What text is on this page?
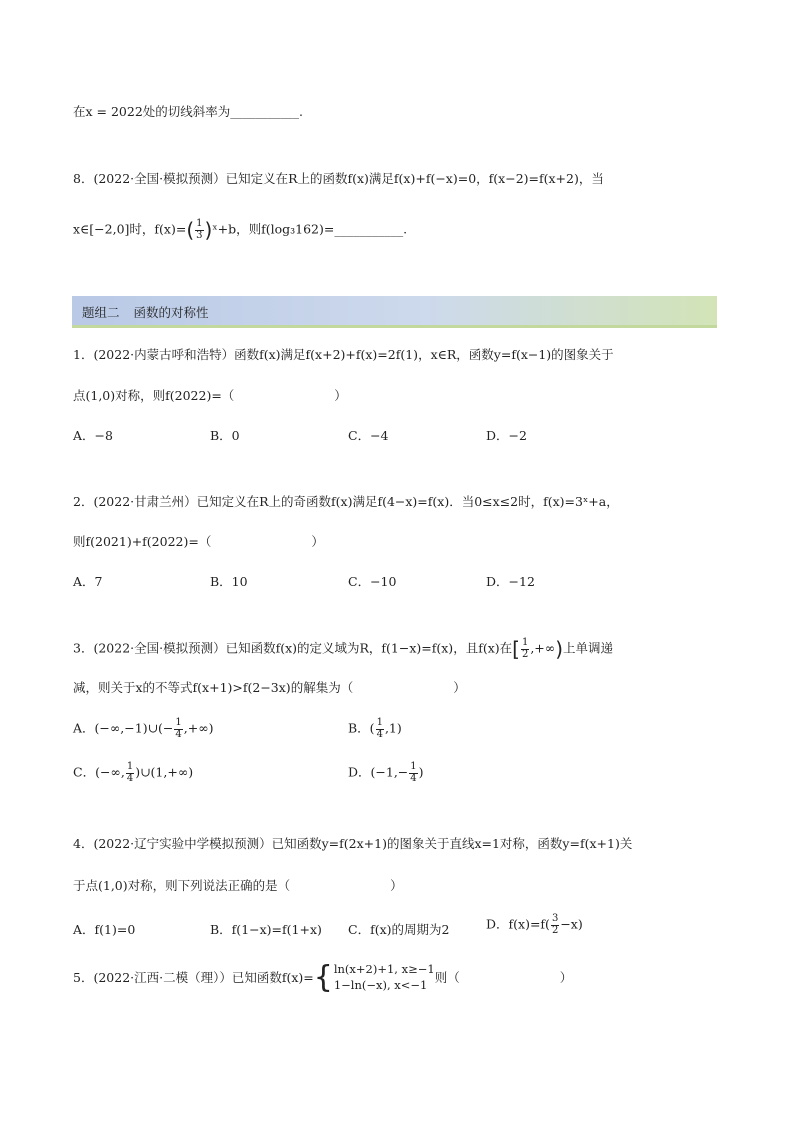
在x = 2022处的切线斜率为___________.
8．(2022·全国·模拟预测）已知定义在R上的函数f(x)满足f(x)+f(−x)=0，f(x−2)=f(x+2)，当
x∈[−2,0]时，$f(x)=( \frac{1}{3}$ )ˣ+b，则f(log₃162)=___________.
题组二 函数的对称性
1．(2022·内蒙古呼和浩特）函数f(x)满足f(x+2)+f(x)=2f(1)，x∈R，函数y=f(x−1)的图象关于
点(1,0)对称，则f(2022)=（　　　　　　　　）
A．−8	B．0	C．−4	D．−2
2．(2022·甘肃兰州）已知定义在R上的奇函数f(x)满足f(4−x)=f(x)．当0≤x≤2时，f(x)=3ˣ+a，
则f(2021)+f(2022)=（　　　　　　　　）
A．7	B．10	C．−10	D．−12
3．(2022·全国·模拟预测）已知函数f(x)的定义域为R，f(1−x)=f(x)，且f(x)在[ $\frac{1}{2}$ ,+∞)上单调递
减，则关于x的不等式f(x+1)>f(2−3x)的解集为（　　　　　　　　）
A．(−∞,−1)∪(− $\frac{1}{4}$ ,+∞)	B．( $\frac{1}{4} ,1$)
C．(−∞, $\frac{1}{4}$ )∪(1,+∞)	D．($-1,- \frac{1}{4}$ )
4．(2022·辽宁实验中学模拟预测）已知函数y=f(2x+1)的图象关于直线x=1对称，函数y=f(x+1)关
于点(1,0)对称，则下列说法正确的是（　　　　　　　　）
A．f(1)=0	B．f(1−x)=f(1+x) C．f(x)的周期为2	D．$f(x)=f( \frac{3}{2} -x)$
5．(2022·江西·二模（理））已知函数f(x)= { ln(x+2)+1, x≥−1
1−ln(−x), x<−1 则（　　　　　　　　）
